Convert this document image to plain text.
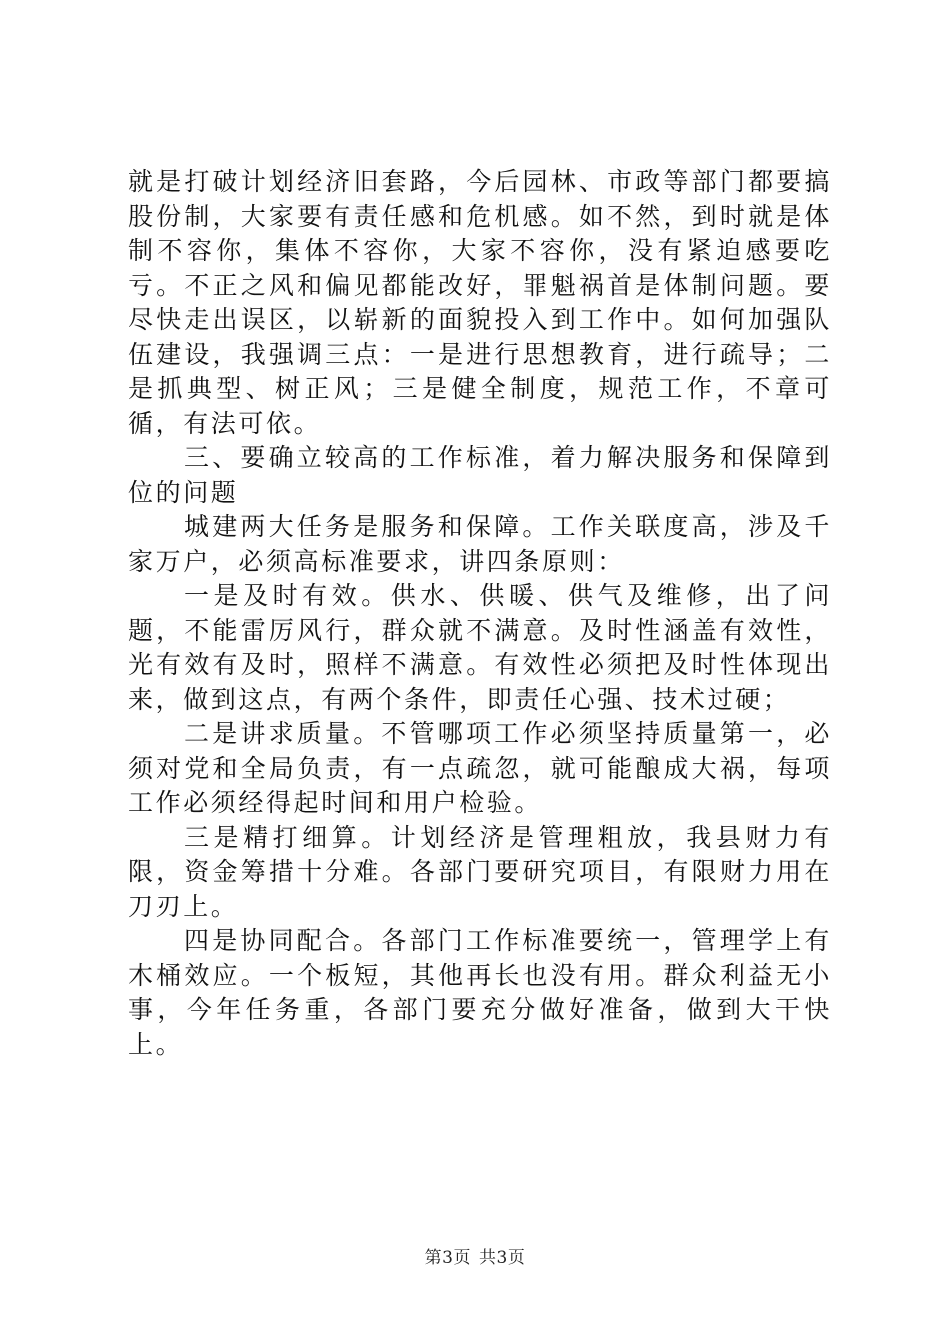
就是打破计划经济旧套路，今后园林、市政等部门都要搞股份制，大家要有责任感和危机感。如不然，到时就是体制不容你，集体不容你，大家不容你，没有紧迫感要吃亏。不正之风和偏见都能改好，罪魁祸首是体制问题。要尽快走出误区，以崭新的面貌投入到工作中。如何加强队伍建设，我强调三点：一是进行思想教育，进行疏导；二是抓典型、树正风；三是健全制度，规范工作，不章可循，有法可依。

三、要确立较高的工作标准，着力解决服务和保障到位的问题

城建两大任务是服务和保障。工作关联度高，涉及千家万户，必须高标准要求，讲四条原则：

一是及时有效。供水、供暖、供气及维修，出了问题，不能雷厉风行，群众就不满意。及时性涵盖有效性，光有效有及时，照样不满意。有效性必须把及时性体现出来，做到这点，有两个条件，即责任心强、技术过硬；

二是讲求质量。不管哪项工作必须坚持质量第一，必须对党和全局负责，有一点疏忽，就可能酿成大祸，每项工作必须经得起时间和用户检验。

三是精打细算。计划经济是管理粗放，我县财力有限，资金筹措十分难。各部门要研究项目，有限财力用在刀刃上。

四是协同配合。各部门工作标准要统一，管理学上有木桶效应。一个板短，其他再长也没有用。群众利益无小事，今年任务重，各部门要充分做好准备，做到大干快上。

第3页 共3页
